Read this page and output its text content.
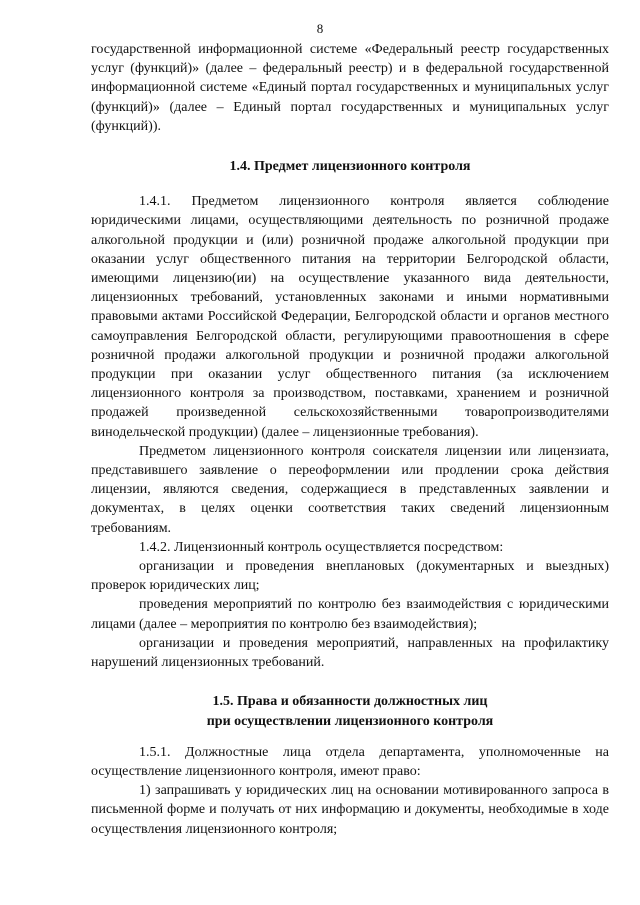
8

государственной информационной системе «Федеральный реестр государственных услуг (функций)» (далее – федеральный реестр) и в федеральной государственной информационной системе «Единый портал государственных и муниципальных услуг (функций)» (далее – Единый портал государственных и муниципальных услуг (функций)).

1.4. Предмет лицензионного контроля

1.4.1. Предметом лицензионного контроля является соблюдение юридическими лицами, осуществляющими деятельность по розничной продаже алкогольной продукции и (или) розничной продаже алкогольной продукции при оказании услуг общественного питания на территории Белгородской области, имеющими лицензию(ии) на осуществление указанного вида деятельности, лицензионных требований, установленных законами и иными нормативными правовыми актами Российской Федерации, Белгородской области и органов местного самоуправления Белгородской области, регулирующими правоотношения в сфере розничной продажи алкогольной продукции и розничной продажи алкогольной продукции при оказании услуг общественного питания (за исключением лицензионного контроля за производством, поставками, хранением и розничной продажей произведенной сельскохозяйственными товаропроизводителями винодельческой продукции) (далее – лицензионные требования).

Предметом лицензионного контроля соискателя лицензии или лицензиата, представившего заявление о переоформлении или продлении срока действия лицензии, являются сведения, содержащиеся в представленных заявлении и документах, в целях оценки соответствия таких сведений лицензионным требованиям.

1.4.2. Лицензионный контроль осуществляется посредством:

организации и проведения внеплановых (документарных и выездных) проверок юридических лиц;

проведения мероприятий по контролю без взаимодействия с юридическими лицами (далее – мероприятия по контролю без взаимодействия);

организации и проведения мероприятий, направленных на профилактику нарушений лицензионных требований.

1.5. Права и обязанности должностных лиц
при осуществлении лицензионного контроля

1.5.1. Должностные лица отдела департамента, уполномоченные на осуществление лицензионного контроля, имеют право:

1) запрашивать у юридических лиц на основании мотивированного запроса в письменной форме и получать от них информацию и документы, необходимые в ходе осуществления лицензионного контроля;
